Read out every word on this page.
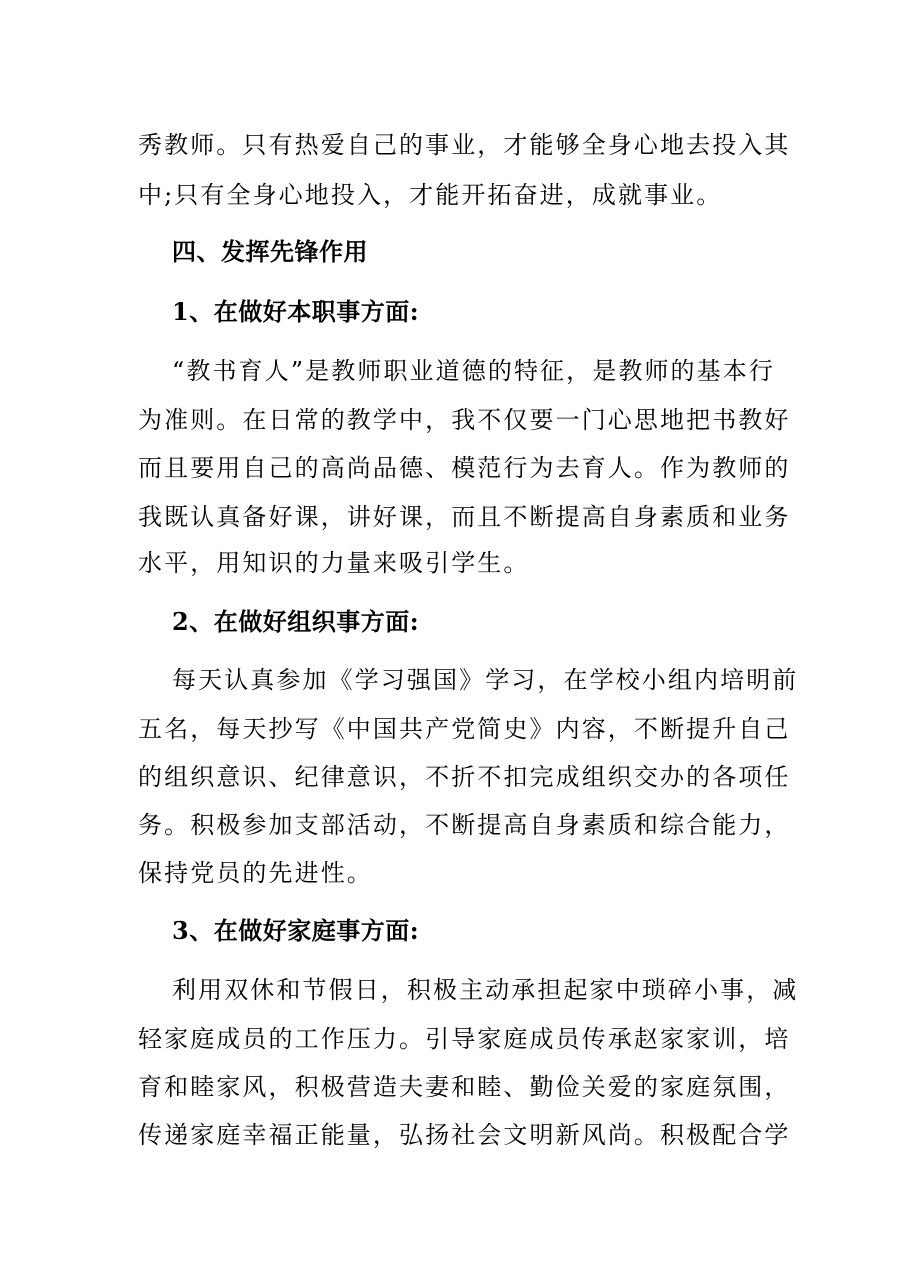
秀教师。只有热爱自己的事业，才能够全身心地去投入其
中;只有全身心地投入，才能开拓奋进，成就事业。
四、发挥先锋作用
1、在做好本职事方面:
“教书育人”是教师职业道德的特征，是教师的基本行
为准则。在日常的教学中，我不仅要一门心思地把书教好
而且要用自己的高尚品德、模范行为去育人。作为教师的
我既认真备好课，讲好课，而且不断提高自身素质和业务
水平，用知识的力量来吸引学生。
2、在做好组织事方面:
每天认真参加《学习强国》学习，在学校小组内培明前
五名，每天抄写《中国共产党简史》内容，不断提升自己
的组织意识、纪律意识，不折不扣完成组织交办的各项任
务。积极参加支部活动，不断提高自身素质和综合能力，
保持党员的先进性。
3、在做好家庭事方面:
利用双休和节假日，积极主动承担起家中琐碎小事，减
轻家庭成员的工作压力。引导家庭成员传承赵家家训，培
育和睦家风，积极营造夫妻和睦、勤俭关爱的家庭氛围，
传递家庭幸福正能量，弘扬社会文明新风尚。积极配合学
